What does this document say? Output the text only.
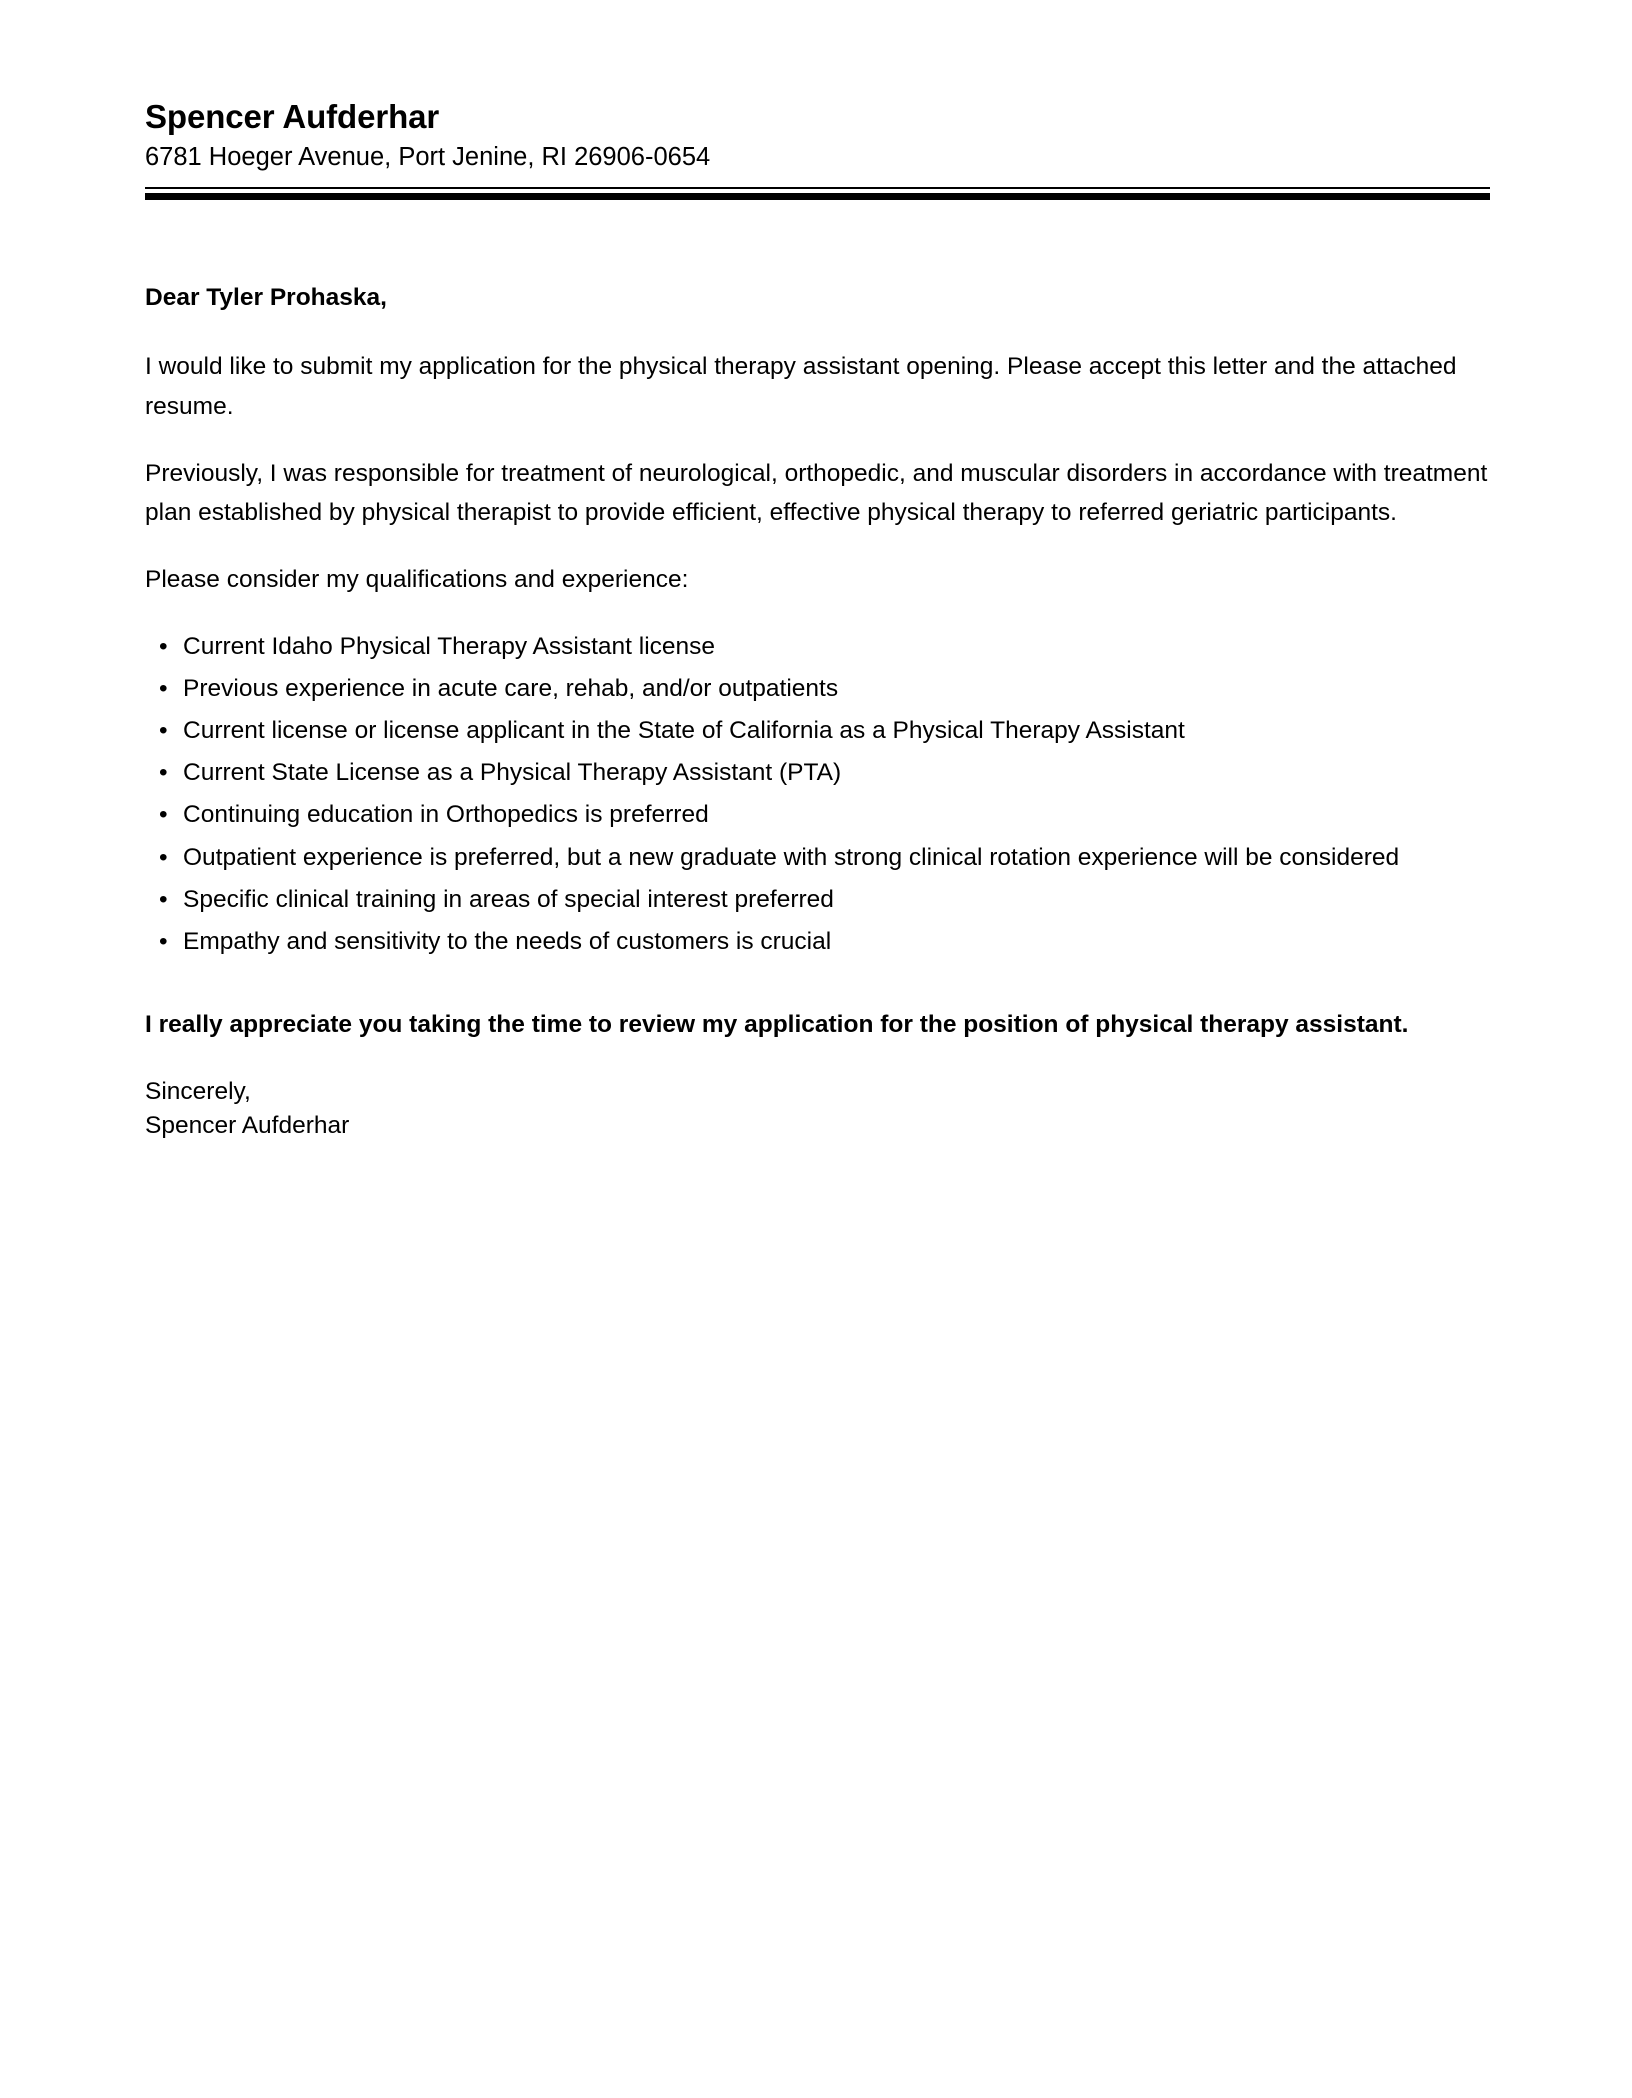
Spencer Aufderhar
6781 Hoeger Avenue, Port Jenine, RI 26906-0654

Dear Tyler Prohaska,

I would like to submit my application for the physical therapy assistant opening. Please accept this letter and the attached resume.

Previously, I was responsible for treatment of neurological, orthopedic, and muscular disorders in accordance with treatment plan established by physical therapist to provide efficient, effective physical therapy to referred geriatric participants.

Please consider my qualifications and experience:

• Current Idaho Physical Therapy Assistant license
• Previous experience in acute care, rehab, and/or outpatients
• Current license or license applicant in the State of California as a Physical Therapy Assistant
• Current State License as a Physical Therapy Assistant (PTA)
• Continuing education in Orthopedics is preferred
• Outpatient experience is preferred, but a new graduate with strong clinical rotation experience will be considered
• Specific clinical training in areas of special interest preferred
• Empathy and sensitivity to the needs of customers is crucial

I really appreciate you taking the time to review my application for the position of physical therapy assistant.

Sincerely,
Spencer Aufderhar
